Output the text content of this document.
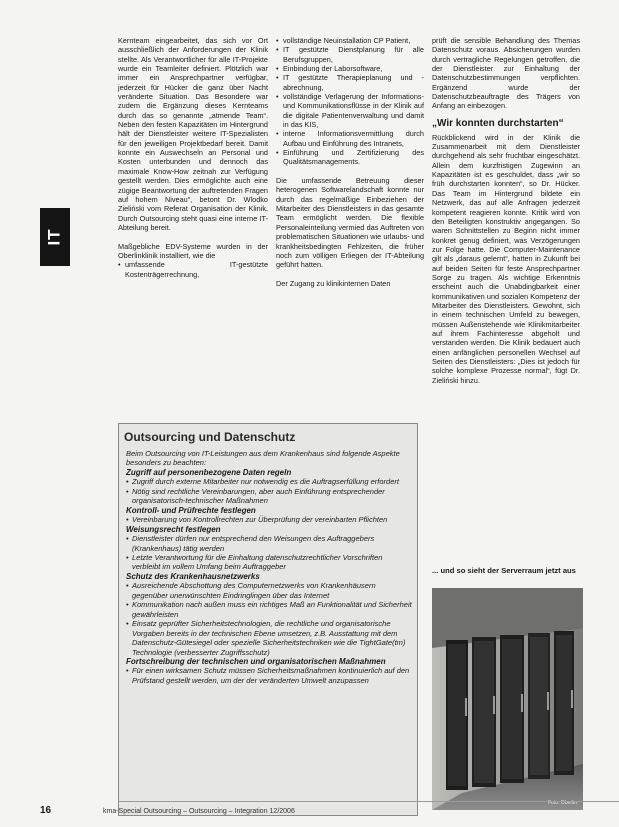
IT

Kernteam eingearbeitet, das sich vor Ort ausschließlich der Anforderungen der Klinik stellte. Als Verantwortlicher für alle IT-Projekte wurde ein Teamleiter definiert. Plötzlich war immer ein Ansprechpartner verfügbar, jederzeit für Hücker die ganz über Nacht veränderte Situation. Das Besondere war zudem die Ergänzung dieses Kernteams durch das so genannte „atmende Team“. Neben den festen Kapazitäten im Hintergrund hält der Dienstleister weitere IT-Spezialisten für den jeweiligen Projektbedarf bereit. Damit konnte ein Auswechseln an Personal und Kosten unterbunden und dennoch das maximale Know-How zeitnah zur Verfügung gestellt werden. Dies ermöglichte auch eine zügige Beantwortung der auftretenden Fragen auf hohem Niveau“, betont Dr. Wlodko Zieliński vom Referat Organisation der Klinik. Durch Outsourcing steht quasi eine interne IT-Abteilung bereit.

Maßgebliche EDV-Systeme wurden in der Oberlinklinik installiert, wie die

• umfassende IT-gestützte Kostenträgerrechnung,
• vollständige Neuinstallation CP Patient,
• IT gestützte Dienstplanung für alle Berufsgruppen,
• Einbindung der Laborsoftware,
• IT gestützte Therapieplanung und -abrechnung,
• vollständige Verlagerung der Informations- und Kommunikationsflüsse in der Klinik auf die digitale Patientenverwaltung und damit in das KIS,
• interne Informationsvermittlung durch Aufbau und Einführung des Intranets,
• Einführung und Zertifizierung des Qualitätsmanagements.

Die umfassende Betreuung dieser heterogenen Softwarelandschaft konnte nur durch das regelmäßige Einbeziehen der Mitarbeiter des Dienstleisters in das gesamte Team ermöglicht werden. Die flexible Personaleinteilung vermied das Auftreten von problematischen Situationen wie urlaubs- und krankheitsbedingten Fehlzeiten, die früher noch zum völligen Erliegen der IT-Abteilung geführt hatten.

Der Zugang zu klinikinternen Daten

prüft die sensible Behandlung des Themas Datenschutz voraus. Absicherungen wurden durch vertragliche Regelungen getroffen, die der Dienstleister zur Einhaltung der Datenschutzbestimmungen verpflichten. Ergänzend wurde der Datenschutzbeauftragte des Trägers von Anfang an einbezogen.

„Wir konnten durchstarten“

Rückblickend wird in der Klinik die Zusammenarbeit mit dem Dienstleister durchgehend als sehr fruchtbar eingeschätzt. Allein dem kurzfristigen Zugewinn an Kapazitäten ist es geschuldet, dass „wir so früh durchstarten konnten“, so Dr. Hücker. Das Team im Hintergrund bildete ein Netzwerk, das auf alle Anfragen jederzeit kompetent reagieren konnte. Kritik wird von den Beteiligten konstruktiv angegangen. So waren Schnittstellen zu Beginn nicht immer konkret genug definiert, was Verzögerungen zur Folge hatte. Die Computer-Maintenance gilt als „daraus gelernt“, hatten in Zukunft bei auf beiden Seiten für feste Ansprechpartner Sorge zu tragen. Als wichtige Erkenntnis erscheint auch die Unabdingbarkeit einer kommunikativen und sozialen Kompetenz der Mitarbeiter des Dienstleisters. Gewohnt, sich in einem technischen Umfeld zu bewegen, müssen Außenstehende wie Klinikmitarbeiter auf ihrem Fachinteresse abgeholt und verstanden werden. Die Klinik bedauert auch einen anfänglichen personellen Wechsel auf Seiten des Dienstleisters: „Dies ist jedoch für solche komplexe Prozesse normal“, fügt Dr. Zieliński hinzu.

Outsourcing und Datenschutz

Beim Outsourcing von IT-Leistungen aus dem Krankenhaus sind folgende Aspekte besonders zu beachten:

Zugriff auf personenbezogene Daten regeln

• Zugriff durch externe Mitarbeiter nur notwendig es die Auftragserfüllung erfordert
• Nötig sind rechtliche Vereinbarungen, aber auch Einführung entsprechender organisatorisch-technischer Maßnahmen

Kontroll- und Prüfrechte festlegen

• Vereinbarung von Kontrollrechten zur Überprüfung der vereinbarten Pflichten

Weisungsrecht festlegen

• Dienstleister dürfen nur entsprechend den Weisungen des Auftraggebers (Krankenhaus) tätig werden
• Letzte Verantwortung für die Einhaltung datenschutzrechtlicher Vorschriften verbleibt im vollem Umfang beim Auftraggeber

Schutz des Krankenhausnetzwerks

• Ausreichende Abschottung des Computernetzwerks von Krankenhäusern gegenüber unerwünschten Eindringlingen über das Internet
• Kommunikation nach außen muss ein richtiges Maß an Funktionalität und Sicherheit gewährleisten
• Einsatz geprüfter Sicherheitstechnologien, die rechtliche und organisatorische Vorgaben bereits in der technischen Ebene umsetzen, z.B. Ausstattung mit dem Datenschutz-Gütesiegel oder spezielle Sicherheitstechniken wie die TightGate(tm) Technologie (verbesserter Zugriffsschutz)

Fortschreibung der technischen und organisatorischen Maßnahmen

• Für einen wirksamen Schutz müssen Sicherheitsmaßnahmen kontinuierlich auf den Prüfstand gestellt werden, um der der veränderten Umwelt anzupassen
... und so sieht der Serverraum jetzt aus
Foto: Oberlin
16	kma-Special Outsourcing – Outsourcing – Integration 12/2006
